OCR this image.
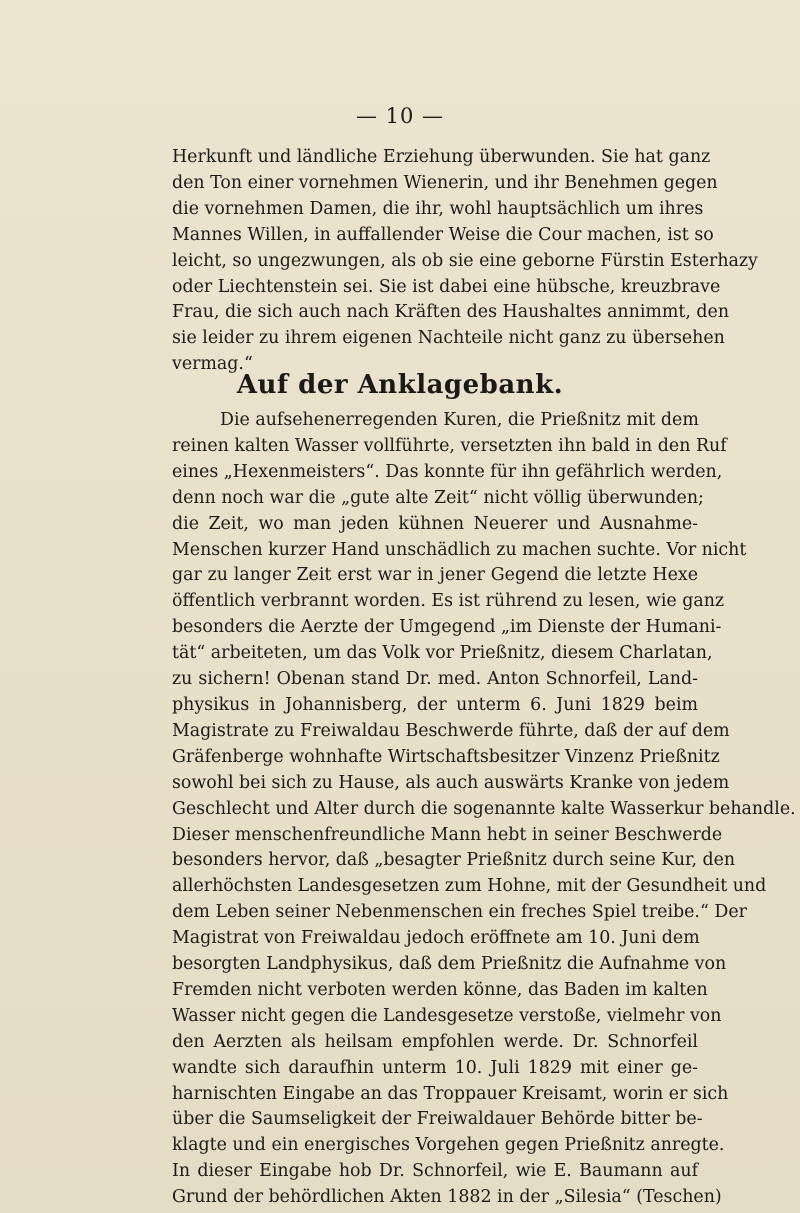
— 10 —
Herkunft und ländliche Erziehung überwunden. Sie hat ganz
den Ton einer vornehmen Wienerin, und ihr Benehmen gegen
die vornehmen Damen, die ihr, wohl hauptsächlich um ihres
Mannes Willen, in auffallender Weise die Cour machen, ist so
leicht, so ungezwungen, als ob sie eine geborne Fürstin Esterhazy
oder Liechtenstein sei. Sie ist dabei eine hübsche, kreuzbrave
Frau, die sich auch nach Kräften des Haushaltes annimmt, den
sie leider zu ihrem eigenen Nachteile nicht ganz zu übersehen
vermag.“
Auf der Anklagebank.
Die aufsehenerregenden Kuren, die Prießnitz mit dem
reinen kalten Wasser vollführte, versetzten ihn bald in den Ruf
eines „Hexenmeisters“. Das konnte für ihn gefährlich werden,
denn noch war die „gute alte Zeit“ nicht völlig überwunden;
die Zeit, wo man jeden kühnen Neuerer und Ausnahme-
Menschen kurzer Hand unschädlich zu machen suchte. Vor nicht
gar zu langer Zeit erst war in jener Gegend die letzte Hexe
öffentlich verbrannt worden. Es ist rührend zu lesen, wie ganz
besonders die Aerzte der Umgegend „im Dienste der Humani-
tät“ arbeiteten, um das Volk vor Prießnitz, diesem Charlatan,
zu sichern! Obenan stand Dr. med. Anton Schnorfeil, Land-
physikus in Johannisberg, der unterm 6. Juni 1829 beim
Magistrate zu Freiwaldau Beschwerde führte, daß der auf dem
Gräfenberge wohnhafte Wirtschaftsbesitzer Vinzenz Prießnitz
sowohl bei sich zu Hause, als auch auswärts Kranke von jedem
Geschlecht und Alter durch die sogenannte kalte Wasserkur behandle.
Dieser menschenfreundliche Mann hebt in seiner Beschwerde
besonders hervor, daß „besagter Prießnitz durch seine Kur, den
allerhöchsten Landesgesetzen zum Hohne, mit der Gesundheit und
dem Leben seiner Nebenmenschen ein freches Spiel treibe.“ Der
Magistrat von Freiwaldau jedoch eröffnete am 10. Juni dem
besorgten Landphysikus, daß dem Prießnitz die Aufnahme von
Fremden nicht verboten werden könne, das Baden im kalten
Wasser nicht gegen die Landesgesetze verstoße, vielmehr von
den Aerzten als heilsam empfohlen werde. Dr. Schnorfeil
wandte sich daraufhin unterm 10. Juli 1829 mit einer ge-
harnischten Eingabe an das Troppauer Kreisamt, worin er sich
über die Saumseligkeit der Freiwaldauer Behörde bitter be-
klagte und ein energisches Vorgehen gegen Prießnitz anregte.
In dieser Eingabe hob Dr. Schnorfeil, wie E. Baumann auf
Grund der behördlichen Akten 1882 in der „Silesia“ (Teschen)
